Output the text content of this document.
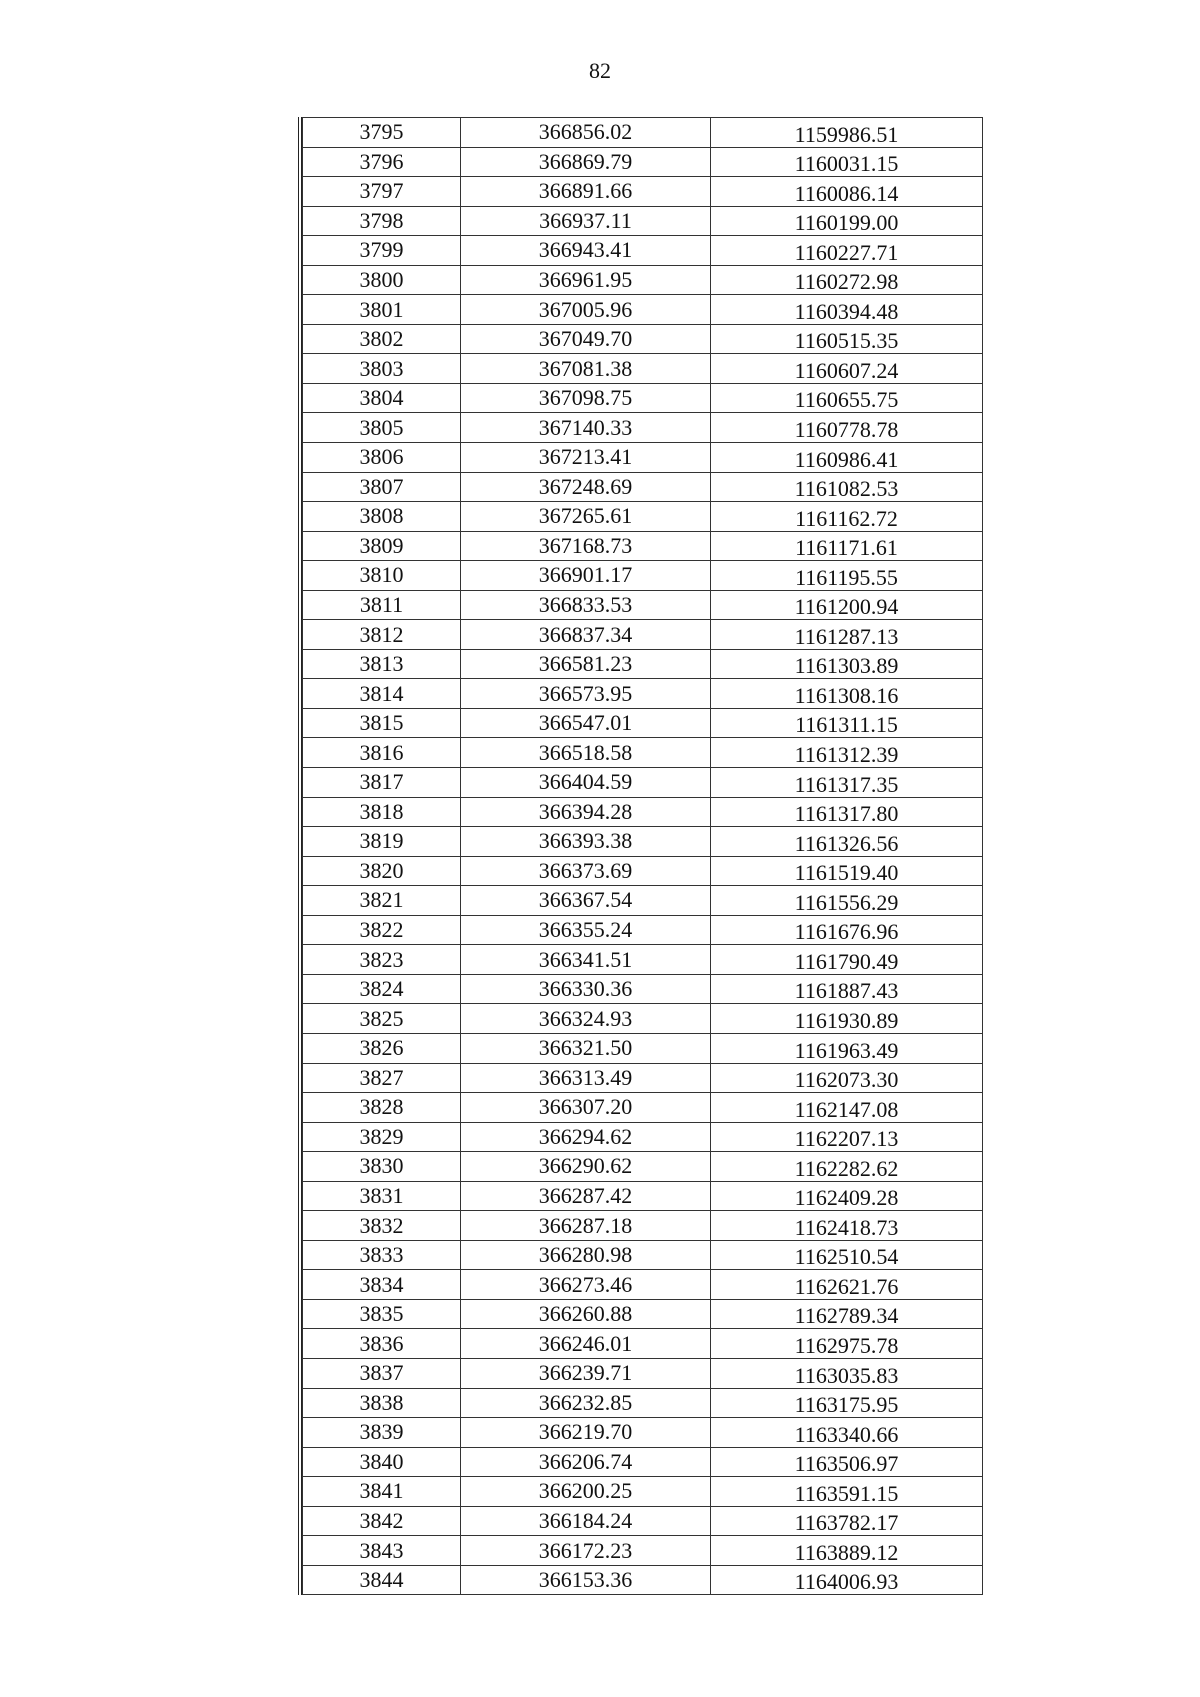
82
3795	366856.02	1159986.51
3796	366869.79	1160031.15
3797	366891.66	1160086.14
3798	366937.11	1160199.00
3799	366943.41	1160227.71
3800	366961.95	1160272.98
3801	367005.96	1160394.48
3802	367049.70	1160515.35
3803	367081.38	1160607.24
3804	367098.75	1160655.75
3805	367140.33	1160778.78
3806	367213.41	1160986.41
3807	367248.69	1161082.53
3808	367265.61	1161162.72
3809	367168.73	1161171.61
3810	366901.17	1161195.55
3811	366833.53	1161200.94
3812	366837.34	1161287.13
3813	366581.23	1161303.89
3814	366573.95	1161308.16
3815	366547.01	1161311.15
3816	366518.58	1161312.39
3817	366404.59	1161317.35
3818	366394.28	1161317.80
3819	366393.38	1161326.56
3820	366373.69	1161519.40
3821	366367.54	1161556.29
3822	366355.24	1161676.96
3823	366341.51	1161790.49
3824	366330.36	1161887.43
3825	366324.93	1161930.89
3826	366321.50	1161963.49
3827	366313.49	1162073.30
3828	366307.20	1162147.08
3829	366294.62	1162207.13
3830	366290.62	1162282.62
3831	366287.42	1162409.28
3832	366287.18	1162418.73
3833	366280.98	1162510.54
3834	366273.46	1162621.76
3835	366260.88	1162789.34
3836	366246.01	1162975.78
3837	366239.71	1163035.83
3838	366232.85	1163175.95
3839	366219.70	1163340.66
3840	366206.74	1163506.97
3841	366200.25	1163591.15
3842	366184.24	1163782.17
3843	366172.23	1163889.12
3844	366153.36	1164006.93
